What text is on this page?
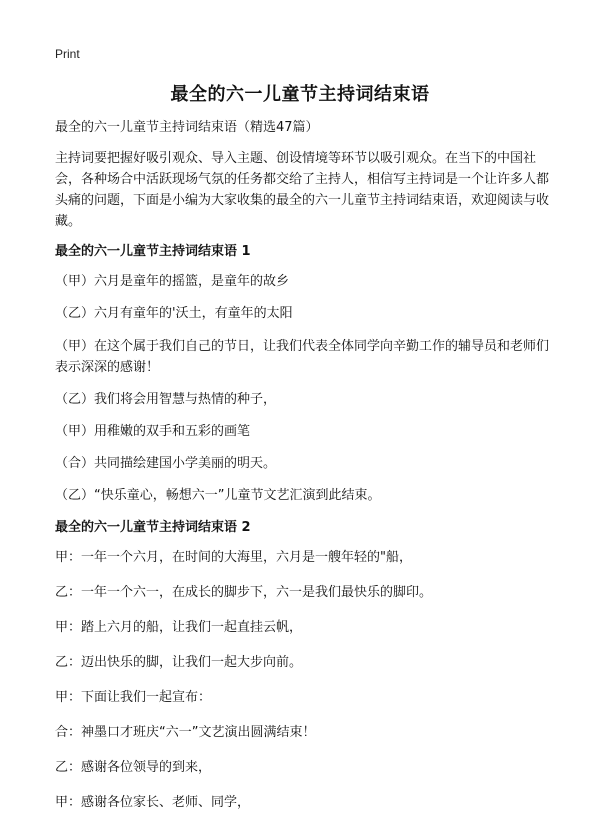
Print
最全的六一儿童节主持词结束语

最全的六一儿童节主持词结束语（精选47篇）

主持词要把握好吸引观众、导入主题、创设情境等环节以吸引观众。在当下的中国社会，各种场合中活跃现场气氛的任务都交给了主持人，相信写主持词是一个让许多人都头痛的问题，下面是小编为大家收集的最全的六一儿童节主持词结束语，欢迎阅读与收藏。

最全的六一儿童节主持词结束语 1

（甲）六月是童年的摇篮，是童年的故乡

（乙）六月有童年的'沃土，有童年的太阳

（甲）在这个属于我们自己的节日，让我们代表全体同学向辛勤工作的辅导员和老师们表示深深的感谢！

（乙）我们将会用智慧与热情的种子，

（甲）用稚嫩的双手和五彩的画笔

（合）共同描绘建国小学美丽的明天。

（乙）“快乐童心，畅想六一”儿童节文艺汇演到此结束。

最全的六一儿童节主持词结束语 2

甲：一年一个六月，在时间的大海里，六月是一艘年轻的"船，

乙：一年一个六一，在成长的脚步下，六一是我们最快乐的脚印。

甲：踏上六月的船，让我们一起直挂云帆，

乙：迈出快乐的脚，让我们一起大步向前。

甲：下面让我们一起宣布：

合：神墨口才班庆“六一”文艺演出圆满结束！

乙：感谢各位领导的到来，

甲：感谢各位家长、老师、同学，
